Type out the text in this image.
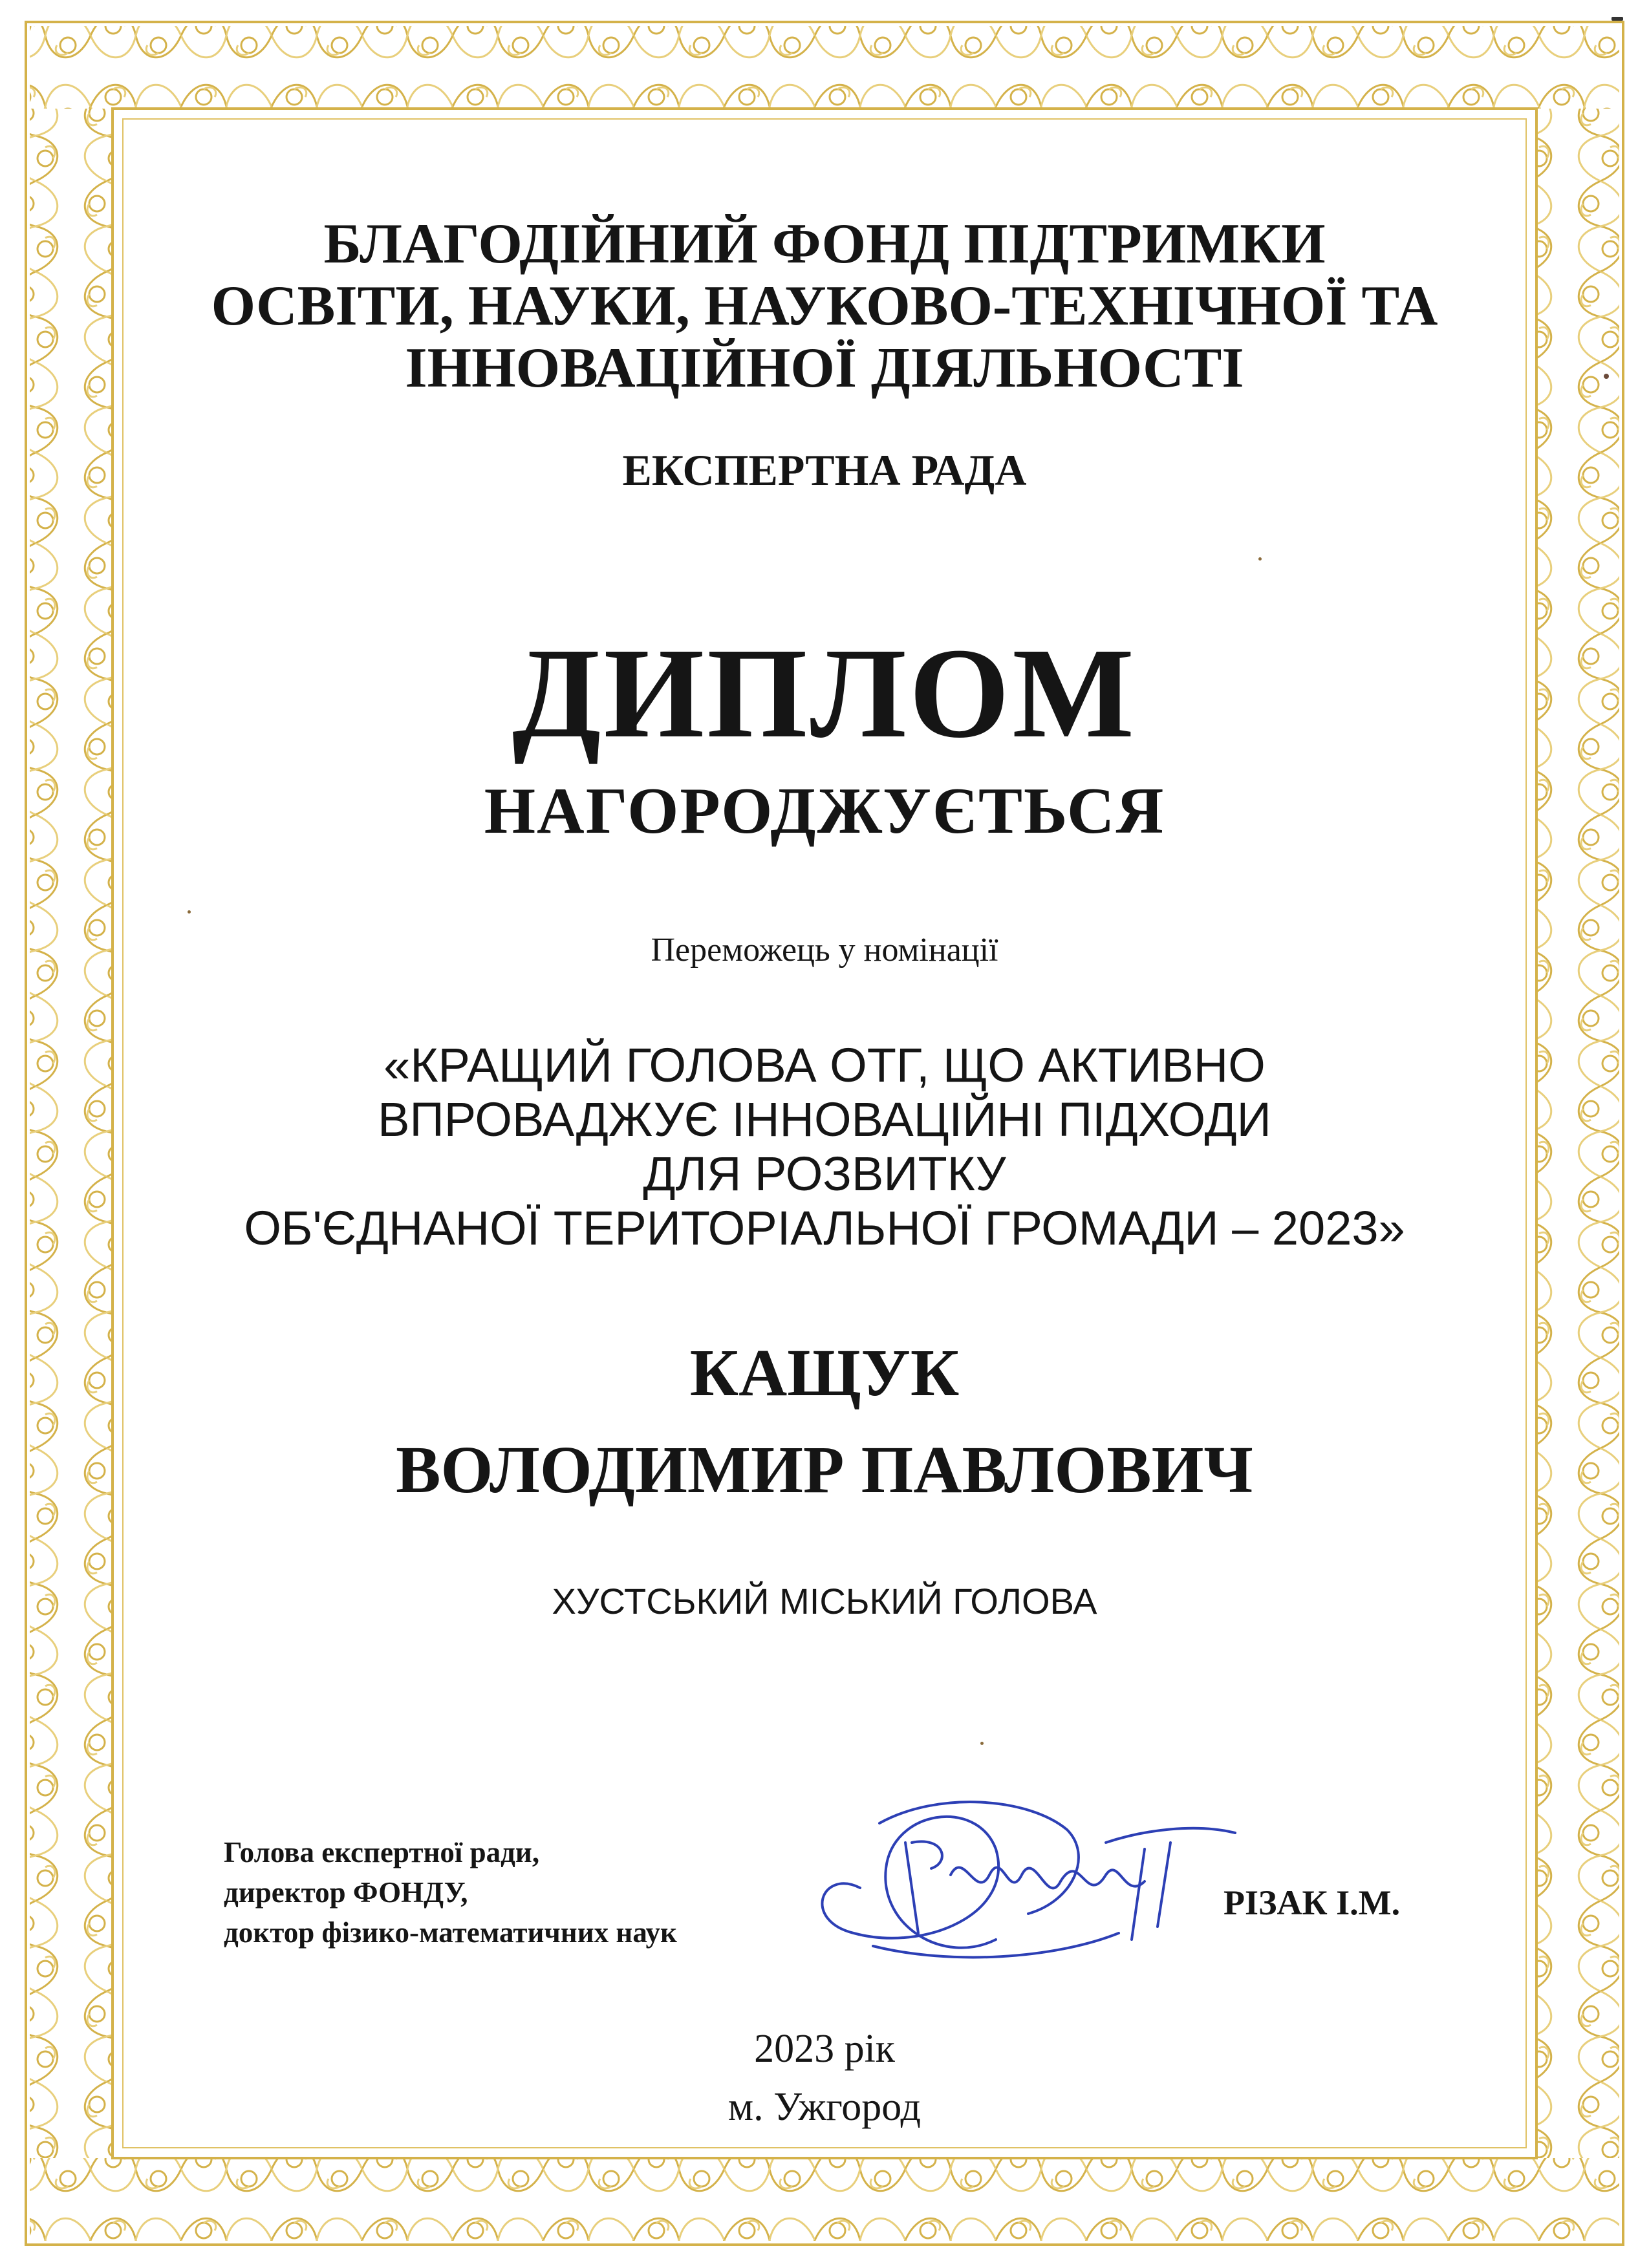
БЛАГОДІЙНИЙ ФОНД ПІДТРИМКИ
ОСВІТИ, НАУКИ, НАУКОВО-ТЕХНІЧНОЇ ТА
ІННОВАЦІЙНОЇ ДІЯЛЬНОСТІ
ЕКСПЕРТНА РАДА
ДИПЛОМ
НАГОРОДЖУЄТЬСЯ
Переможець у номінації
«КРАЩИЙ ГОЛОВА ОТГ, ЩО АКТИВНО
ВПРОВАДЖУЄ ІННОВАЦІЙНІ ПІДХОДИ
ДЛЯ РОЗВИТКУ
ОБ'ЄДНАНОЇ ТЕРИТОРІАЛЬНОЇ ГРОМАДИ – 2023»
КАЩУК
ВОЛОДИМИР ПАВЛОВИЧ
ХУСТСЬКИЙ МІСЬКИЙ ГОЛОВА
Голова експертної ради,
директор ФОНДУ,
доктор фізико-математичних наук
РІЗАК І.М.
2023 рік
м. Ужгород
